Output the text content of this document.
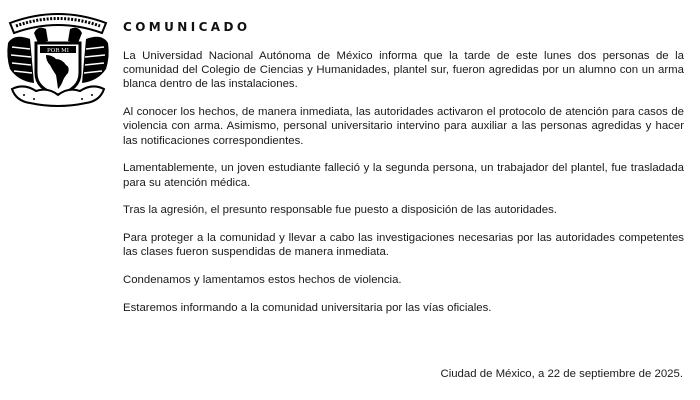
POR MI
COMUNICADO

La Universidad Nacional Autónoma de México informa que la tarde de este lunes dos personas de la comunidad del Colegio de Ciencias y Humanidades, plantel sur, fueron agredidas por un alumno con un arma blanca dentro de las instalaciones.

Al conocer los hechos, de manera inmediata, las autoridades activaron el protocolo de atención para casos de violencia con arma. Asimismo, personal universitario intervino para auxiliar a las personas agredidas y hacer las notificaciones correspondientes.

Lamentablemente, un joven estudiante falleció y la segunda persona, un trabajador del plantel, fue trasladada para su atención médica.

Tras la agresión, el presunto responsable fue puesto a disposición de las autoridades.

Para proteger a la comunidad y llevar a cabo las investigaciones necesarias por las autoridades competentes las clases fueron suspendidas de manera inmediata.

Condenamos y lamentamos estos hechos de violencia.

Estaremos informando a la comunidad universitaria por las vías oficiales.

Ciudad de México, a 22 de septiembre de 2025.
